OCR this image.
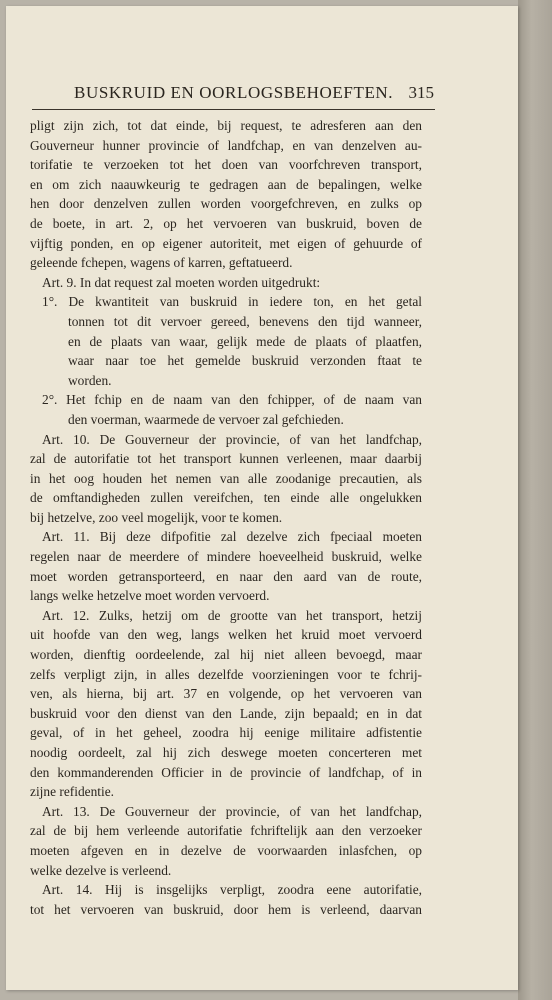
BUSKRUID EN OORLOGSBEHOEFTEN. 315
pligt zijn zich, tot dat einde, bij request, te adresferen aan den
Gouverneur hunner provincie of landfchap, en van denzelven au-
torifatie te verzoeken tot het doen van voorfchreven transport,
en om zich naauwkeurig te gedragen aan de bepalingen, welke
hen door denzelven zullen worden voorgefchreven, en zulks op
de boete, in art. 2, op het vervoeren van buskruid, boven de
vijftig ponden, en op eigener autoriteit, met eigen of gehuurde of
geleende fchepen, wagens of karren, geftatueerd.
Art. 9. In dat request zal moeten worden uitgedrukt:
1°. De kwantiteit van buskruid in iedere ton, en het getal
tonnen tot dit vervoer gereed, benevens den tijd wanneer,
en de plaats van waar, gelijk mede de plaats of plaatfen,
waar naar toe het gemelde buskruid verzonden ftaat te
worden.
2°. Het fchip en de naam van den fchipper, of de naam van
den voerman, waarmede de vervoer zal gefchieden.
Art. 10. De Gouverneur der provincie, of van het landfchap,
zal de autorifatie tot het transport kunnen verleenen, maar daarbij
in het oog houden het nemen van alle zoodanige precautien, als
de omftandigheden zullen vereifchen, ten einde alle ongelukken
bij hetzelve, zoo veel mogelijk, voor te komen.
Art. 11. Bij deze difpofitie zal dezelve zich fpeciaal moeten
regelen naar de meerdere of mindere hoeveelheid buskruid, welke
moet worden getransporteerd, en naar den aard van de route,
langs welke hetzelve moet worden vervoerd.
Art. 12. Zulks, hetzij om de grootte van het transport, hetzij
uit hoofde van den weg, langs welken het kruid moet vervoerd
worden, dienftig oordeelende, zal hij niet alleen bevoegd, maar
zelfs verpligt zijn, in alles dezelfde voorzieningen voor te fchrij-
ven, als hierna, bij art. 37 en volgende, op het vervoeren van
buskruid voor den dienst van den Lande, zijn bepaald; en in dat
geval, of in het geheel, zoodra hij eenige militaire adfistentie
noodig oordeelt, zal hij zich deswege moeten concerteren met
den kommanderenden Officier in de provincie of landfchap, of in
zijne refidentie.
Art. 13. De Gouverneur der provincie, of van het landfchap,
zal de bij hem verleende autorifatie fchriftelijk aan den verzoeker
moeten afgeven en in dezelve de voorwaarden inlasfchen, op
welke dezelve is verleend.
Art. 14. Hij is insgelijks verpligt, zoodra eene autorifatie,
tot het vervoeren van buskruid, door hem is verleend, daarvan
